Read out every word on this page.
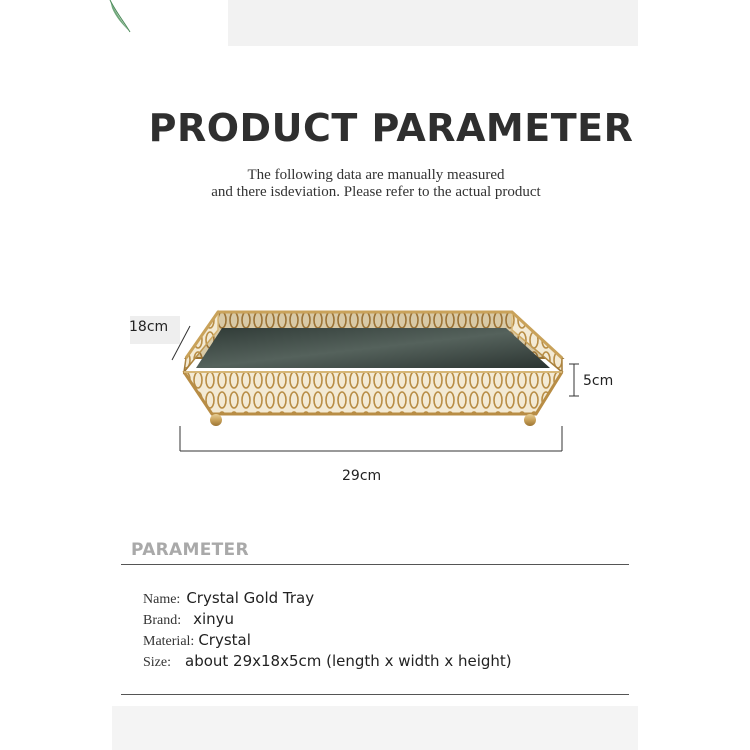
PRODUCT PARAMETER
The following data are manually measured
and there isdeviation. Please refer to the actual product
18cm
5cm
29cm
PARAMETER
Name: Crystal Gold Tray
Brand: xinyu
Material: Crystal
Size: about 29x18x5cm (length x width x height)
